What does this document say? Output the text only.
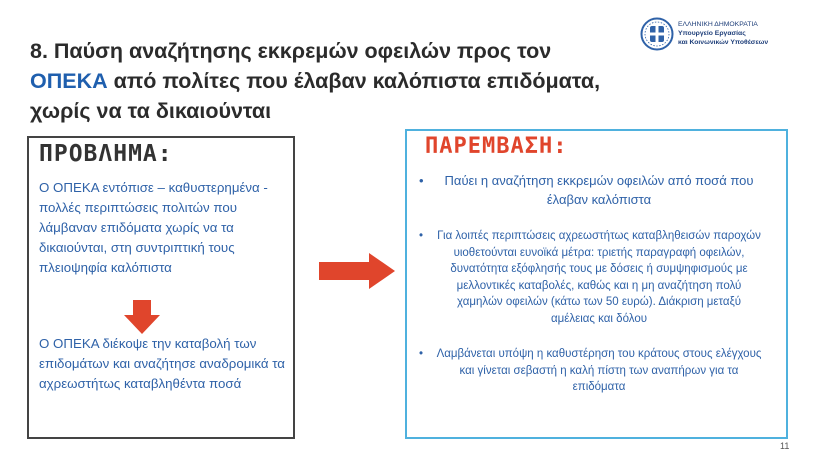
8. Παύση αναζήτησης εκκρεμών οφειλών προς τον
ΟΠΕΚΑ από πολίτες που έλαβαν καλόπιστα επιδόματα,
χωρίς να τα δικαιούνται
ΕΛΛΗΝΙΚΗ ΔΗΜΟΚΡΑΤΙΑ
Υπουργείο Εργασίας
και Κοινωνικών Υποθέσεων
ΠΡΟΒΛΗΜΑ:
Ο ΟΠΕΚΑ εντόπισε – καθυστερημένα - πολλές περιπτώσεις πολιτών που λάμβαναν επιδόματα χωρίς να τα δικαιούνται, στη συντριπτική τους πλειοψηφία καλόπιστα
Ο ΟΠΕΚΑ διέκοψε την καταβολή των επιδομάτων και αναζήτησε αναδρομικά τα αχρεωστήτως καταβληθέντα ποσά
ΠΑΡΕΜΒΑΣΗ:
• Παύει η αναζήτηση εκκρεμών οφειλών από ποσά που έλαβαν καλόπιστα
• Για λοιπές περιπτώσεις αχρεωστήτως καταβληθεισών παροχών υιοθετούνται ευνοϊκά μέτρα: τριετής παραγραφή οφειλών, δυνατότητα εξόφλησής τους με δόσεις ή συμψηφισμούς με μελλοντικές καταβολές, καθώς και η μη αναζήτηση πολύ χαμηλών οφειλών (κάτω των 50 ευρώ). Διάκριση μεταξύ αμέλειας και δόλου
• Λαμβάνεται υπόψη η καθυστέρηση του κράτους στους ελέγχους και γίνεται σεβαστή η καλή πίστη των αναπήρων για τα επιδόματα
11
